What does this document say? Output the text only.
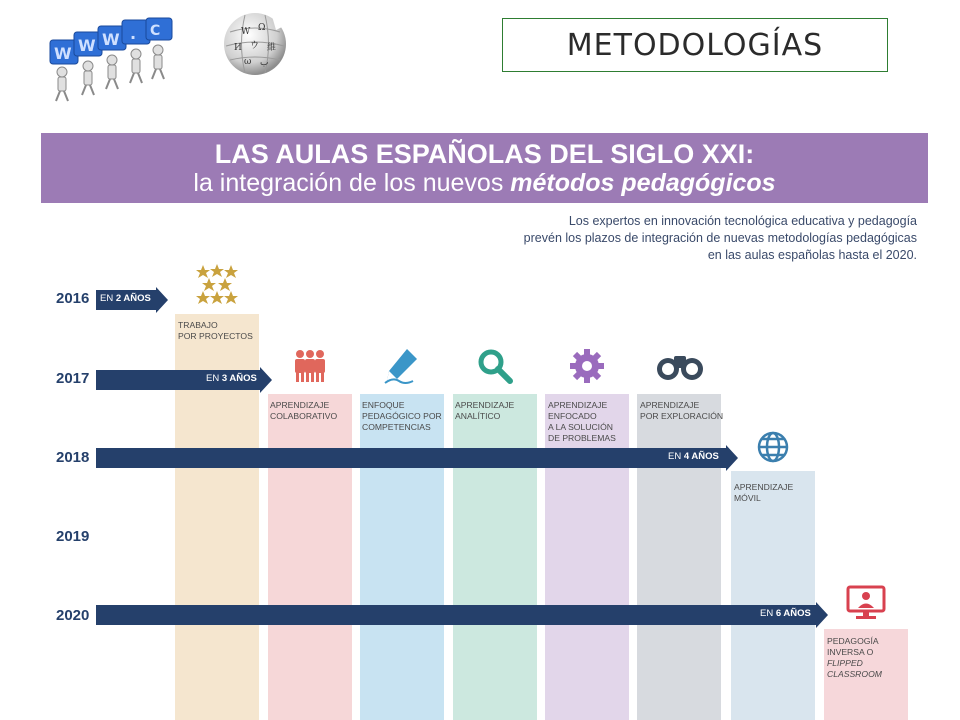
W W W . C	W Ω
И ウ 維
ω ب
METODOLOGÍAS
LAS AULAS ESPAÑOLAS DEL SIGLO XXI:
la integración de los nuevos métodos pedagógicos
Los expertos en innovación tecnológica educativa y pedagogía
prevén los plazos de integración de nuevas metodologías pedagógicas
en las aulas españolas hasta el 2020.
TRABAJO
POR PROYECTOS
APRENDIZAJE
COLABORATIVO
ENFOQUE
PEDAGÓGICO POR
COMPETENCIAS
APRENDIZAJE
ANALÍTICO
APRENDIZAJE
ENFOCADO
A LA SOLUCIÓN
DE PROBLEMAS
APRENDIZAJE
POR EXPLORACIÓN
APRENDIZAJE
MÓVIL
PEDAGOGÍA
INVERSA O
FLIPPED
CLASSROOM
2016
2017
2018
2019
2020
EN 2 AÑOS
EN 3 AÑOS
EN 4 AÑOS
EN 6 AÑOS
